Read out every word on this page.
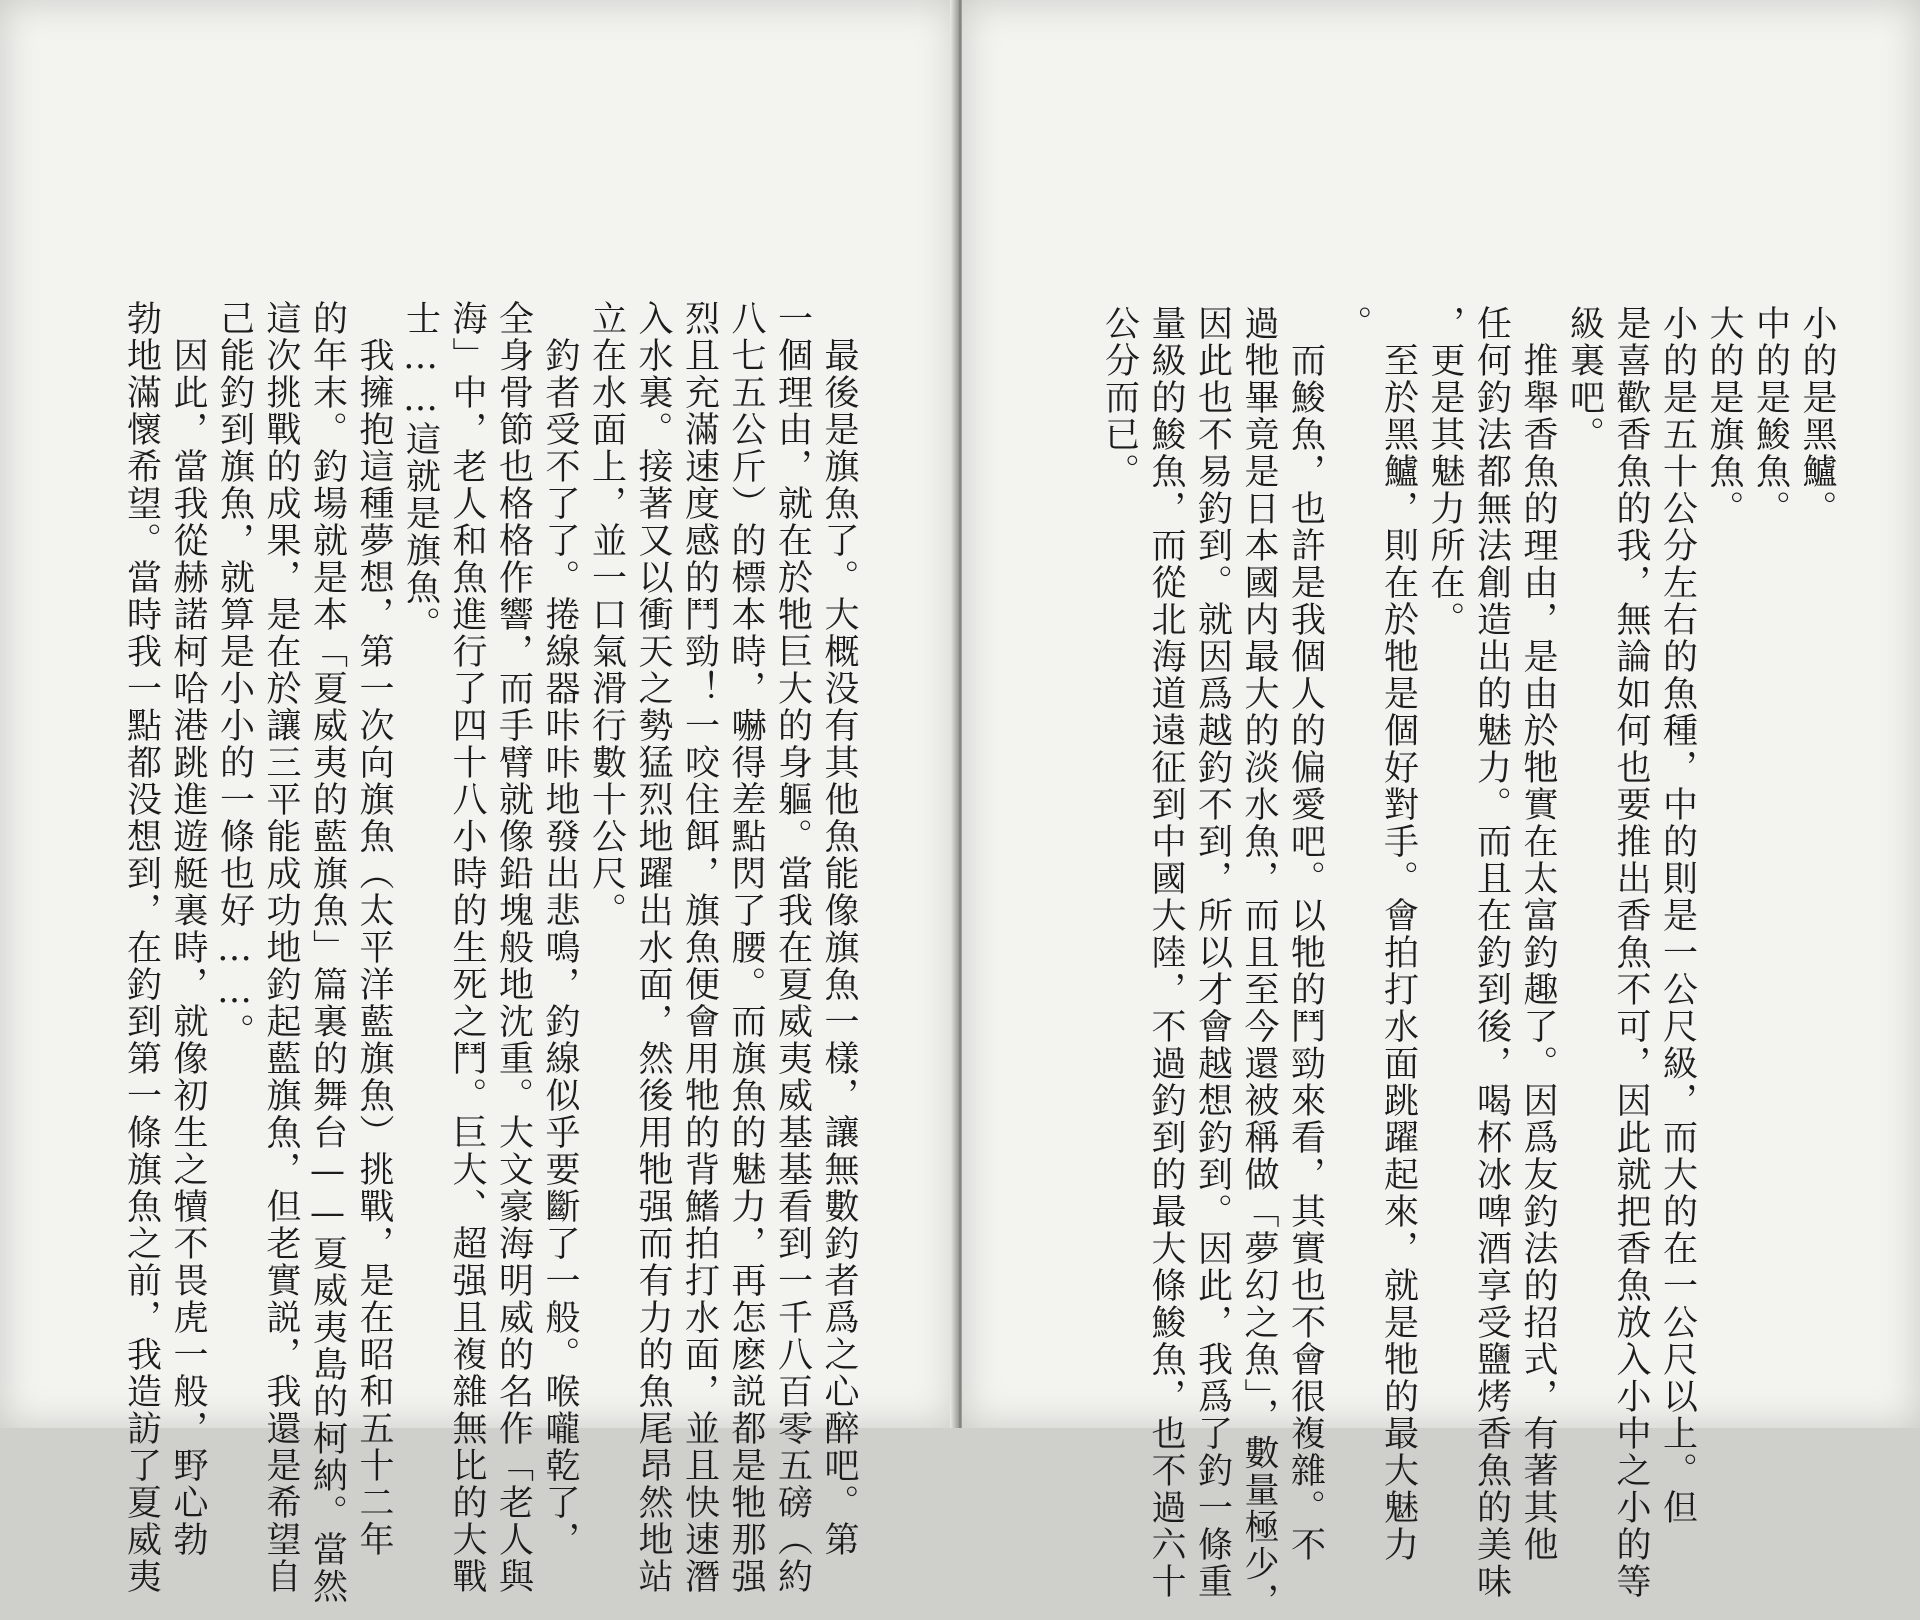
　最後是旗魚了。大概没有其他魚能像旗魚一樣，讓無數釣者爲之心醉吧。第

一個理由，就在於牠巨大的身軀。當我在夏威夷威基基看到一千八百零五磅（約

八七五公斤）的標本時，嚇得差點閃了腰。而旗魚的魅力，再怎麽説都是牠那强

烈且充滿速度感的鬥勁！一咬住餌，旗魚便會用牠的背鰭拍打水面，並且快速潛

入水裏。接著又以衝天之勢猛烈地躍出水面，然後用牠强而有力的魚尾昂然地站

立在水面上，並一口氣滑行數十公尺。

　釣者受不了了。捲線器咔咔地發出悲鳴，釣線似乎要斷了一般。喉嚨乾了，

全身骨節也格格作響，而手臂就像鉛塊般地沈重。大文豪海明威的名作「老人與

海」中，老人和魚進行了四十八小時的生死之鬥。巨大、超强且複雜無比的大戰

士……這就是旗魚。

　我擁抱這種夢想，第一次向旗魚（太平洋藍旗魚）挑戰，是在昭和五十二年

的年末。釣場就是本「夏威夷的藍旗魚」篇裏的舞台——夏威夷島的柯納。當然

這次挑戰的成果，是在於讓三平能成功地釣起藍旗魚，但老實説，我還是希望自

己能釣到旗魚，就算是小小的一條也好……。

　因此，當我從赫諾柯哈港跳進遊艇裏時，就像初生之犢不畏虎一般，野心勃

勃地滿懷希望。當時我一點都没想到，在釣到第一條旗魚之前，我造訪了夏威夷	小的是黑鱸。

中的是鮻魚。

大的是旗魚。

小的是五十公分左右的魚種，中的則是一公尺級，而大的在一公尺以上。但

是喜歡香魚的我，無論如何也要推出香魚不可，因此就把香魚放入小中之小的等

級裏吧。

　推舉香魚的理由，是由於牠實在太富釣趣了。因爲友釣法的招式，有著其他

任何釣法都無法創造出的魅力。而且在釣到後，喝杯冰啤酒享受鹽烤香魚的美味

，更是其魅力所在。

　至於黑鱸，則在於牠是個好對手。會拍打水面跳躍起來，就是牠的最大魅力

。

　而鮻魚，也許是我個人的偏愛吧。以牠的鬥勁來看，其實也不會很複雜。不

過牠畢竟是日本國内最大的淡水魚，而且至今還被稱做「夢幻之魚」，數量極少，

因此也不易釣到。就因爲越釣不到，所以才會越想釣到。因此，我爲了釣一條重

量級的鮻魚，而從北海道遠征到中國大陸，不過釣到的最大條鮻魚，也不過六十

公分而已。
